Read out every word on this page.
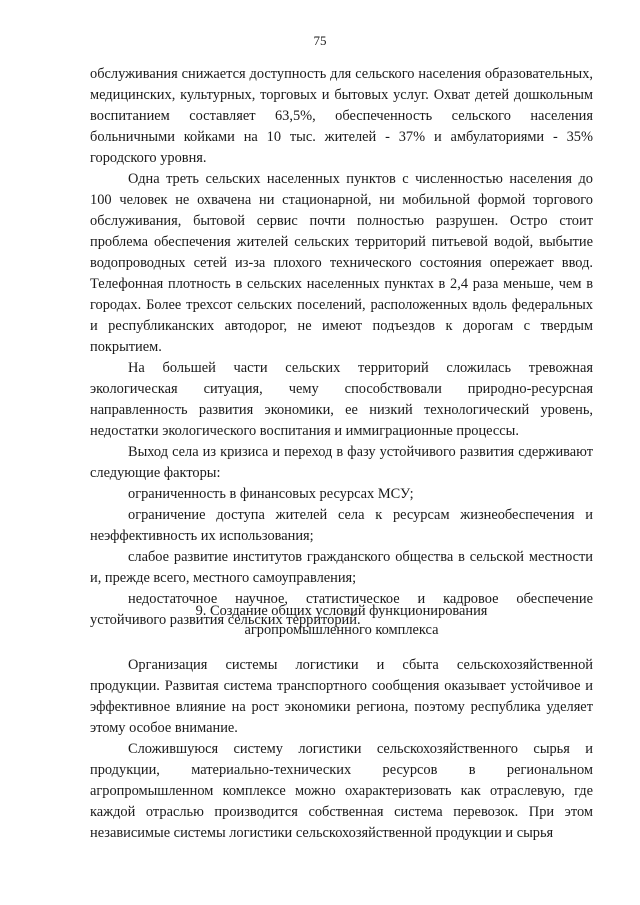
75

обслуживания снижается доступность для сельского населения образовательных, медицинских, культурных, торговых и бытовых услуг. Охват детей дошкольным воспитанием составляет 63,5%, обеспеченность сельского населения больничными койками на 10 тыс. жителей - 37% и амбулаториями - 35% городского уровня.

Одна треть сельских населенных пунктов с численностью населения до 100 человек не охвачена ни стационарной, ни мобильной формой торгового обслуживания, бытовой сервис почти полностью разрушен. Остро стоит проблема обеспечения жителей сельских территорий питьевой водой, выбытие водопроводных сетей из-за плохого технического состояния опережает ввод. Телефонная плотность в сельских населенных пунктах в 2,4 раза меньше, чем в городах. Более трехсот сельских поселений, расположенных вдоль федеральных и республиканских автодорог, не имеют подъездов к дорогам с твердым покрытием.

На большей части сельских территорий сложилась тревожная экологическая ситуация, чему способствовали природно-ресурсная направленность развития экономики, ее низкий технологический уровень, недостатки экологического воспитания и иммиграционные процессы.

Выход села из кризиса и переход в фазу устойчивого развития сдерживают следующие факторы:

ограниченность в финансовых ресурсах МСУ;

ограничение доступа жителей села к ресурсам жизнеобеспечения и неэффективность их использования;

слабое развитие институтов гражданского общества в сельской местности и, прежде всего, местного самоуправления;

недостаточное научное, статистическое и кадровое обеспечение устойчивого развития сельских территорий.

9. Создание общих условий функционирования
агропромышленного комплекса

Организация системы логистики и сбыта сельскохозяйственной продукции. Развитая система транспортного сообщения оказывает устойчивое и эффективное влияние на рост экономики региона, поэтому республика уделяет этому особое внимание.

Сложившуюся систему логистики сельскохозяйственного сырья и продукции, материально-технических ресурсов в региональном агропромышленном комплексе можно охарактеризовать как отраслевую, где каждой отраслью производится собственная система перевозок. При этом независимые системы логистики сельскохозяйственной продукции и сырья
